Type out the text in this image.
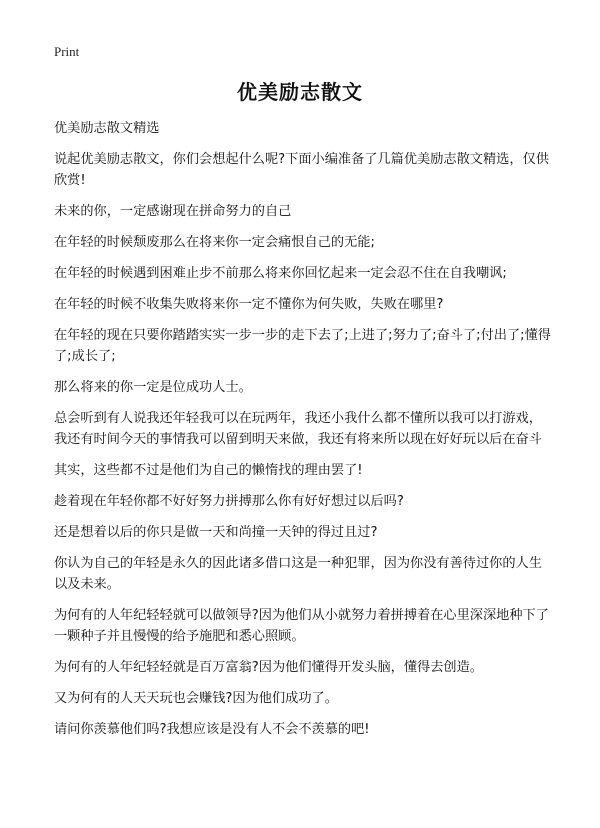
Print
优美励志散文

优美励志散文精选

说起优美励志散文，你们会想起什么呢?下面小编准备了几篇优美励志散文精选，仅供欣赏!

未来的你，一定感谢现在拼命努力的自己

在年轻的时候颓废那么在将来你一定会痛恨自己的无能;

在年轻的时候遇到困难止步不前那么将来你回忆起来一定会忍不住在自我嘲讽;

在年轻的时候不收集失败将来你一定不懂你为何失败，失败在哪里?

在年轻的现在只要你踏踏实实一步一步的走下去了;上进了;努力了;奋斗了;付出了;懂得了;成长了;

那么将来的你一定是位成功人士。

总会听到有人说我还年轻我可以在玩两年，我还小我什么都不懂所以我可以打游戏，我还有时间今天的事情我可以留到明天来做，我还有将来所以现在好好玩以后在奋斗

其实，这些都不过是他们为自己的懒惰找的理由罢了!

趁着现在年轻你都不好好努力拼搏那么你有好好想过以后吗?

还是想着以后的你只是做一天和尚撞一天钟的得过且过?

你认为自己的年轻是永久的因此诸多借口这是一种犯罪，因为你没有善待过你的人生以及未来。

为何有的人年纪轻轻就可以做领导?因为他们从小就努力着拼搏着在心里深深地种下了一颗种子并且慢慢的给予施肥和悉心照顾。

为何有的人年纪轻轻就是百万富翁?因为他们懂得开发头脑，懂得去创造。

又为何有的人天天玩也会赚钱?因为他们成功了。

请问你羡慕他们吗?我想应该是没有人不会不羡慕的吧!
